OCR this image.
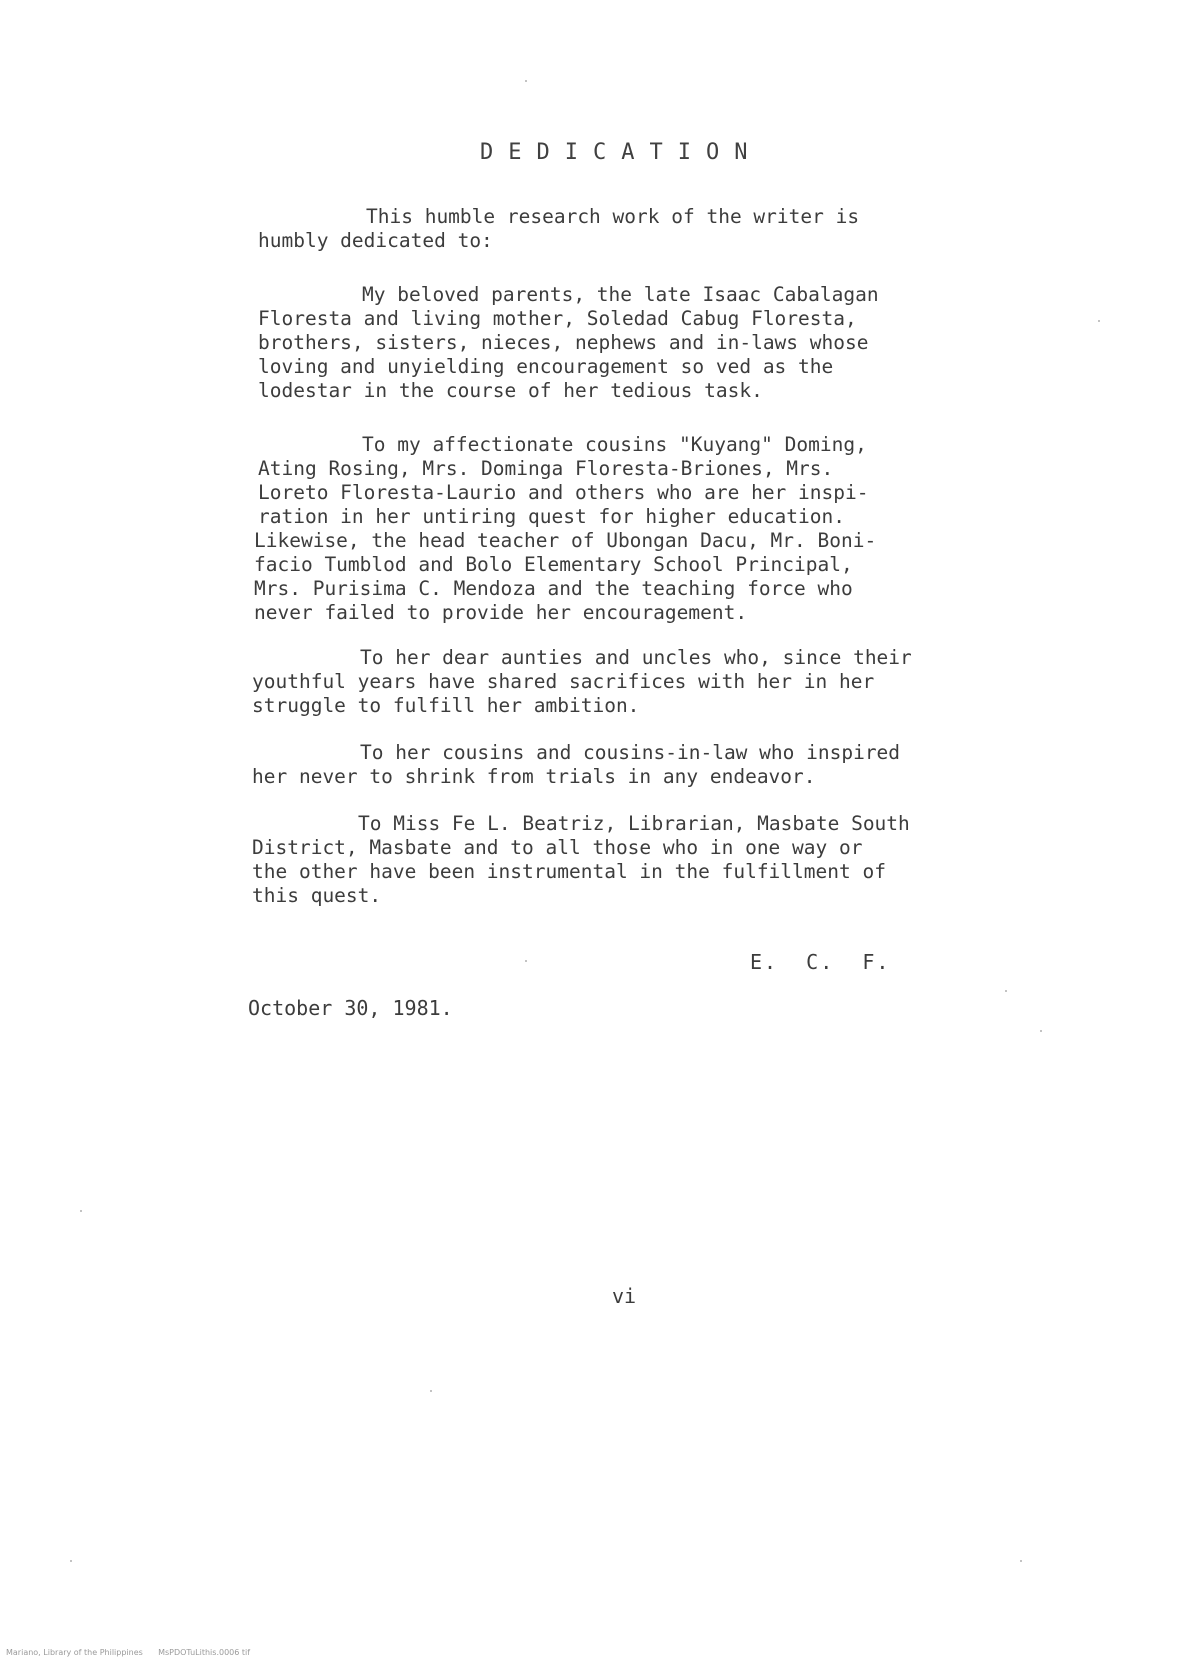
DEDICATION
This humble research work of the writer is
humbly dedicated to:
My beloved parents, the late Isaac Cabalagan
Floresta and living mother, Soledad Cabug Floresta,
brothers, sisters, nieces, nephews and in-laws whose
loving and unyielding encouragement so ved as the
lodestar in the course of her tedious task.
To my affectionate cousins "Kuyang" Doming,
Ating Rosing, Mrs. Dominga Floresta-Briones, Mrs.
Loreto Floresta-Laurio and others who are her inspi-
ration in her untiring quest for higher education.
Likewise, the head teacher of Ubongan Dacu, Mr. Boni-
facio Tumblod and Bolo Elementary School Principal,
Mrs. Purisima C. Mendoza and the teaching force who
never failed to provide her encouragement.
To her dear aunties and uncles who, since their
youthful years have shared sacrifices with her in her
struggle to fulfill her ambition.
To her cousins and cousins-in-law who inspired
her never to shrink from trials in any endeavor.
To Miss Fe L. Beatriz, Librarian, Masbate South
District, Masbate and to all those who in one way or
the other have been instrumental in the fulfillment of
this quest.
E.  C.  F.
October 30, 1981.
vi
Mariano, Library of the Philippines      MsPDOTuLithis.0006 tif
